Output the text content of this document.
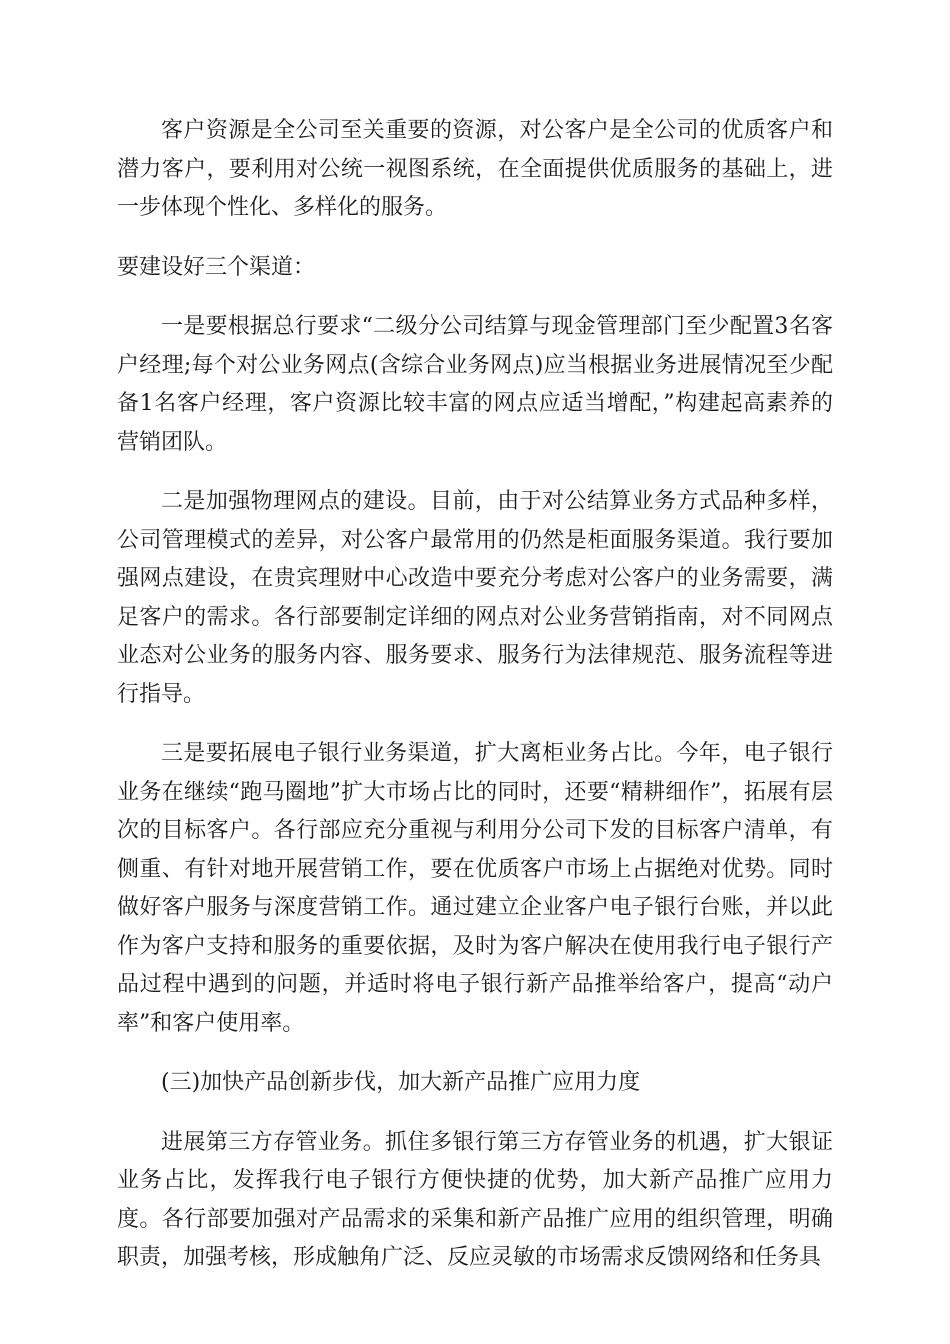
客户资源是全公司至关重要的资源，对公客户是全公司的优质客户和潜力客户，要利用对公统一视图系统，在全面提供优质服务的基础上，进一步体现个性化、多样化的服务。

要建设好三个渠道：

一是要根据总行要求“二级分公司结算与现金管理部门至少配置3名客户经理;每个对公业务网点(含综合业务网点)应当根据业务进展情况至少配备1名客户经理，客户资源比较丰富的网点应适当增配，”构建起高素养的营销团队。

二是加强物理网点的建设。目前，由于对公结算业务方式品种多样，公司管理模式的差异，对公客户最常用的仍然是柜面服务渠道。我行要加强网点建设，在贵宾理财中心改造中要充分考虑对公客户的业务需要，满足客户的需求。各行部要制定详细的网点对公业务营销指南，对不同网点业态对公业务的服务内容、服务要求、服务行为法律规范、服务流程等进行指导。

三是要拓展电子银行业务渠道，扩大离柜业务占比。今年，电子银行业务在继续“跑马圈地”扩大市场占比的同时，还要“精耕细作”，拓展有层次的目标客户。各行部应充分重视与利用分公司下发的目标客户清单，有侧重、有针对地开展营销工作，要在优质客户市场上占据绝对优势。同时做好客户服务与深度营销工作。通过建立企业客户电子银行台账，并以此作为客户支持和服务的重要依据，及时为客户解决在使用我行电子银行产品过程中遇到的问题，并适时将电子银行新产品推举给客户，提高“动户率”和客户使用率。

(三)加快产品创新步伐，加大新产品推广应用力度

进展第三方存管业务。抓住多银行第三方存管业务的机遇，扩大银证业务占比，发挥我行电子银行方便快捷的优势，加大新产品推广应用力度。各行部要加强对产品需求的采集和新产品推广应用的组织管理，明确职责，加强考核，形成触角广泛、反应灵敏的市场需求反馈网络和任务具
